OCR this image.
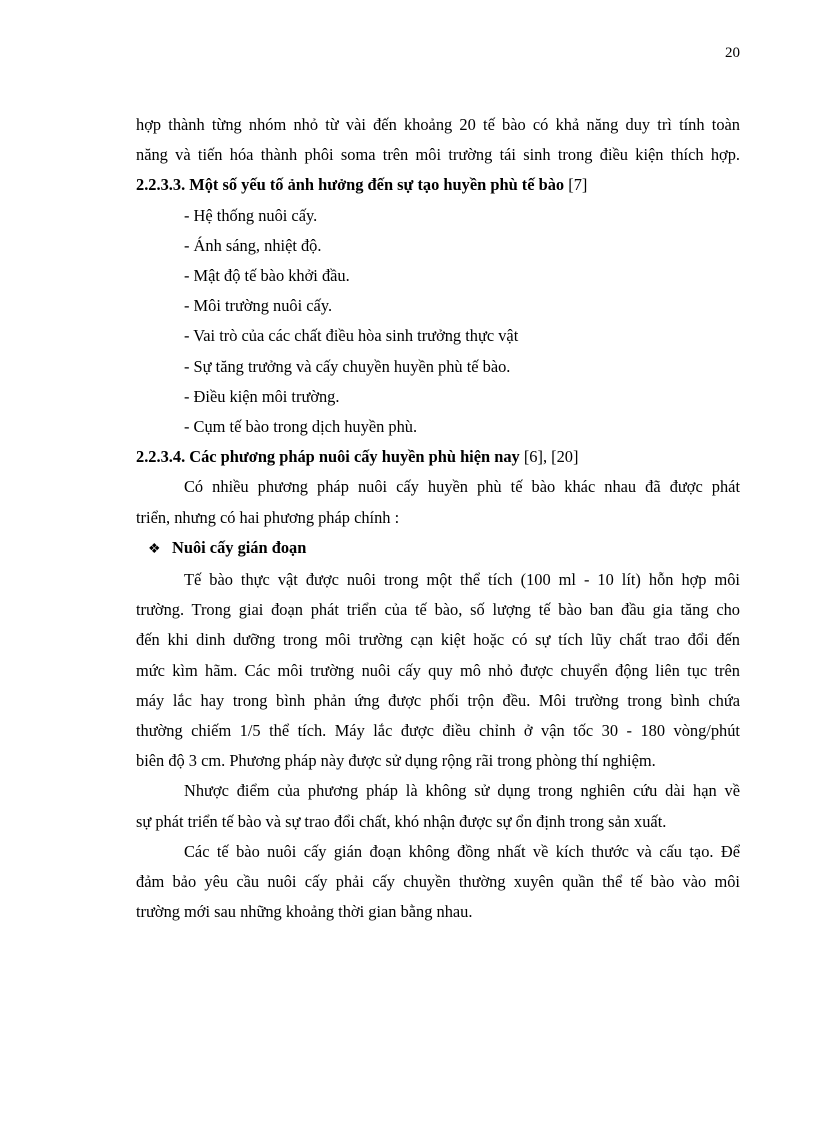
20
hợp thành từng nhóm nhỏ từ vài đến khoảng 20 tế bào có khả năng duy trì tính toàn
năng và tiến hóa thành phôi soma trên môi trường tái sinh trong điều kiện thích hợp.

2.2.3.3. Một số yếu tố ảnh hưởng đến sự tạo huyền phù tế bào [7]

- Hệ thống nuôi cấy.
- Ánh sáng, nhiệt độ.
- Mật độ tế bào khởi đầu.
- Môi trường nuôi cấy.
- Vai trò của các chất điều hòa sinh trưởng thực vật
- Sự tăng trưởng và cấy chuyền huyền phù tế bào.
- Điều kiện môi trường.
- Cụm tế bào trong dịch huyền phù.

2.2.3.4. Các phương pháp nuôi cấy huyền phù hiện nay [6], [20]

Có nhiều phương pháp nuôi cấy huyền phù tế bào khác nhau đã được phát
triển, nhưng có hai phương pháp chính :

❖ Nuôi cấy gián đoạn

Tế bào thực vật được nuôi trong một thể tích (100 ml - 10 lít) hỗn hợp môi
trường. Trong giai đoạn phát triển của tế bào, số lượng tế bào ban đầu gia tăng cho
đến khi dinh dưỡng trong môi trường cạn kiệt hoặc có sự tích lũy chất trao đổi đến
mức kìm hãm. Các môi trường nuôi cấy quy mô nhỏ được chuyển động liên tục trên
máy lắc hay trong bình phản ứng được phối trộn đều. Môi trường trong bình chứa
thường chiếm 1/5 thể tích. Máy lắc được điều chỉnh ở vận tốc 30 - 180 vòng/phút
biên độ 3 cm. Phương pháp này được sử dụng rộng rãi trong phòng thí nghiệm.
Nhược điểm của phương pháp là không sử dụng trong nghiên cứu dài hạn về
sự phát triển tế bào và sự trao đổi chất, khó nhận được sự ổn định trong sản xuất.
Các tế bào nuôi cấy gián đoạn không đồng nhất về kích thước và cấu tạo. Để
đảm bảo yêu cầu nuôi cấy phải cấy chuyền thường xuyên quần thể tế bào vào môi
trường mới sau những khoảng thời gian bằng nhau.
